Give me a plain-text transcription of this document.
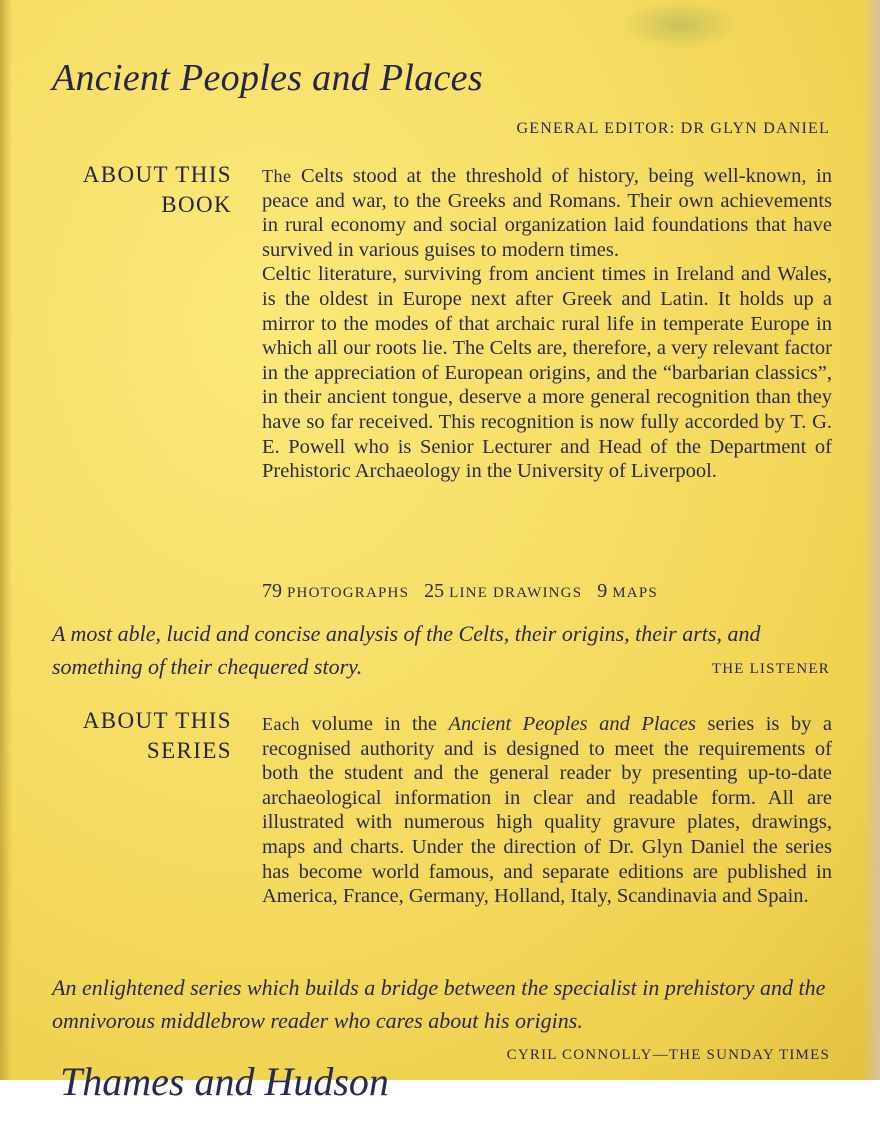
Ancient Peoples and Places
GENERAL EDITOR: DR GLYN DANIEL
ABOUT THIS
BOOK

The Celts stood at the threshold of history, being well-known, in peace and war, to the Greeks and Romans. Their own achievements in rural economy and social organization laid foundations that have survived in various guises to modern times.

Celtic literature, surviving from ancient times in Ireland and Wales, is the oldest in Europe next after Greek and Latin. It holds up a mirror to the modes of that archaic rural life in temperate Europe in which all our roots lie. The Celts are, therefore, a very relevant factor in the appreciation of European origins, and the “barbarian classics”, in their ancient tongue, deserve a more general recognition than they have so far received. This recognition is now fully accorded by T. G. E. Powell who is Senior Lecturer and Head of the Department of Prehistoric Archaeology in the University of Liverpool.

79 PHOTOGRAPHS 25 LINE DRAWINGS 9 MAPS
A most able, lucid and concise analysis of the Celts, their origins, their arts, and something of their chequered story.	THE LISTENER
ABOUT THIS
SERIES

Each volume in the Ancient Peoples and Places series is by a recognised authority and is designed to meet the requirements of both the student and the general reader by presenting up-to-date archaeological information in clear and readable form. All are illustrated with numerous high quality gravure plates, drawings, maps and charts. Under the direction of Dr. Glyn Daniel the series has become world famous, and separate editions are published in America, France, Germany, Holland, Italy, Scandinavia and Spain.

An enlightened series which builds a bridge between the specialist in prehistory and the omnivorous middlebrow reader who cares about his origins.
CYRIL CONNOLLY—THE SUNDAY TIMES
Thames and Hudson
